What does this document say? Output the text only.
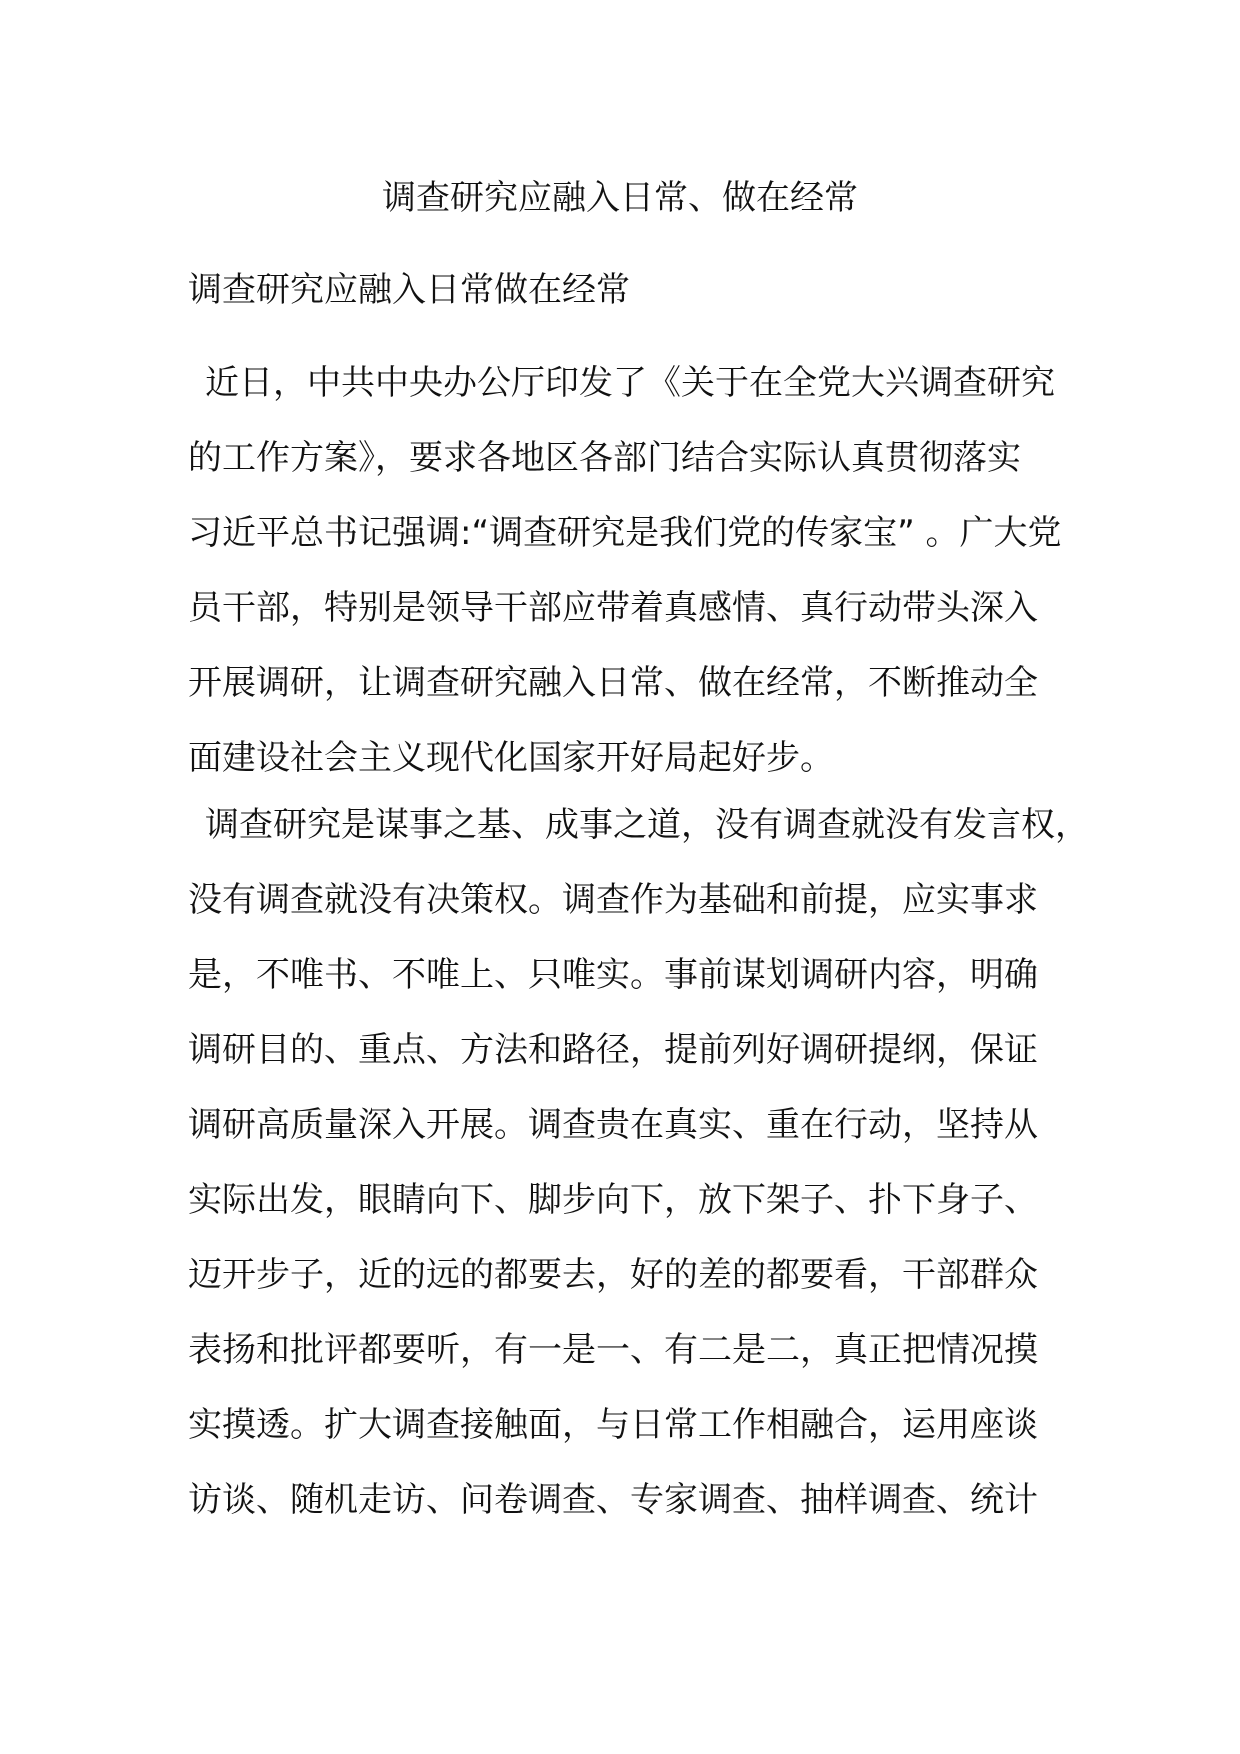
调查研究应融入日常、做在经常
调查研究应融入日常做在经常
近日，中共中央办公厅印发了《关于在全党大兴调查研究
的工作方案》，要求各地区各部门结合实际认真贯彻落实
习近平总书记强调:“调查研究是我们党的传家宝” 。广大党
员干部，特别是领导干部应带着真感情、真行动带头深入
开展调研，让调查研究融入日常、做在经常，不断推动全
面建设社会主义现代化国家开好局起好步。
调查研究是谋事之基、成事之道，没有调查就没有发言权，
没有调查就没有决策权。调查作为基础和前提，应实事求
是，不唯书、不唯上、只唯实。事前谋划调研内容，明确
调研目的、重点、方法和路径，提前列好调研提纲，保证
调研高质量深入开展。调查贵在真实、重在行动，坚持从
实际出发，眼睛向下、脚步向下，放下架子、扑下身子、
迈开步子，近的远的都要去，好的差的都要看，干部群众
表扬和批评都要听，有一是一、有二是二，真正把情况摸
实摸透。扩大调查接触面，与日常工作相融合，运用座谈
访谈、随机走访、问卷调查、专家调查、抽样调查、统计
